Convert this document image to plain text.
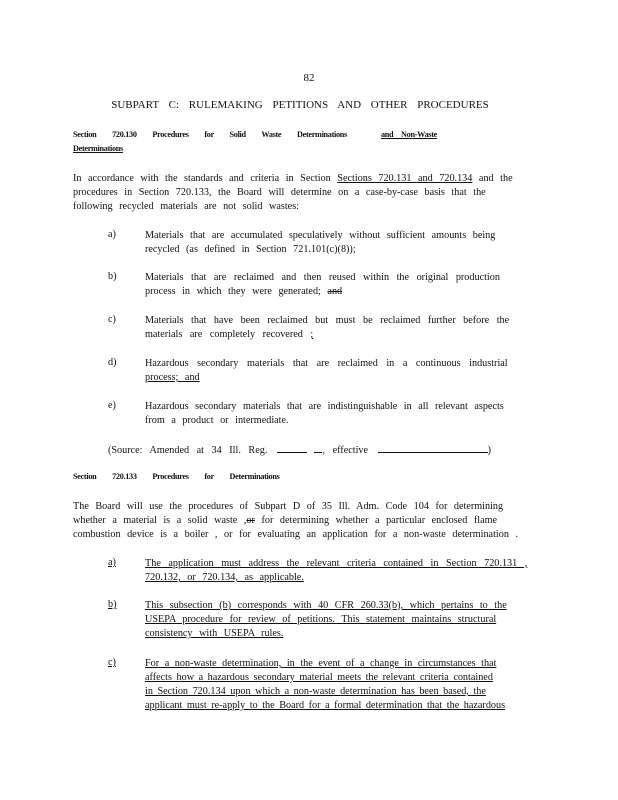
82
SUBPART C: RULEMAKING PETITIONS AND OTHER PROCEDURES
Section 720.130 Procedures for Solid Waste Determinations	and Non-Waste
Determinations
In accordance with the standards and criteria in Section Sections 720.131 and 720.134 and the
procedures in Section 720.133, the Board will determine on a case-by-case basis that the
following recycled materials are not solid wastes:
a)	Materials that are accumulated speculatively without sufficient amounts being
recycled (as defined in Section 721.101(c)(8));
b)	Materials that are reclaimed and then reused within the original production
process in which they were generated; and
c)	Materials that have been reclaimed but must be reclaimed further before the
materials are completely recovered ;
d)	Hazardous secondary materials that are reclaimed in a continuous industrial
process; and
e)	Hazardous secondary materials that are indistinguishable in all relevant aspects
from a product or intermediate.
(Source: Amended at 34 Ill. Reg.	, effective	)
Section 720.133 Procedures for Determinations
The Board will use the procedures of Subpart D of 35 Ill. Adm. Code 104 for determining
whether a material is a solid waste ,or for determining whether a particular enclosed flame
combustion device is a boiler , or for evaluating an application for a non-waste determination .
a)	The application must address the relevant criteria contained in Section 720.131 ,
720.132, or 720.134, as applicable.
b)	This subsection (b) corresponds with 40 CFR 260.33(b), which pertains to the
USEPA procedure for review of petitions. This statement maintains structural
consistency with USEPA rules.
c)	For a non-waste determination, in the event of a change in circumstances that
affects how a hazardous secondary material meets the relevant criteria contained
in Section 720.134 upon which a non-waste determination has been based, the
applicant must re-apply to the Board for a formal determination that the hazardous
